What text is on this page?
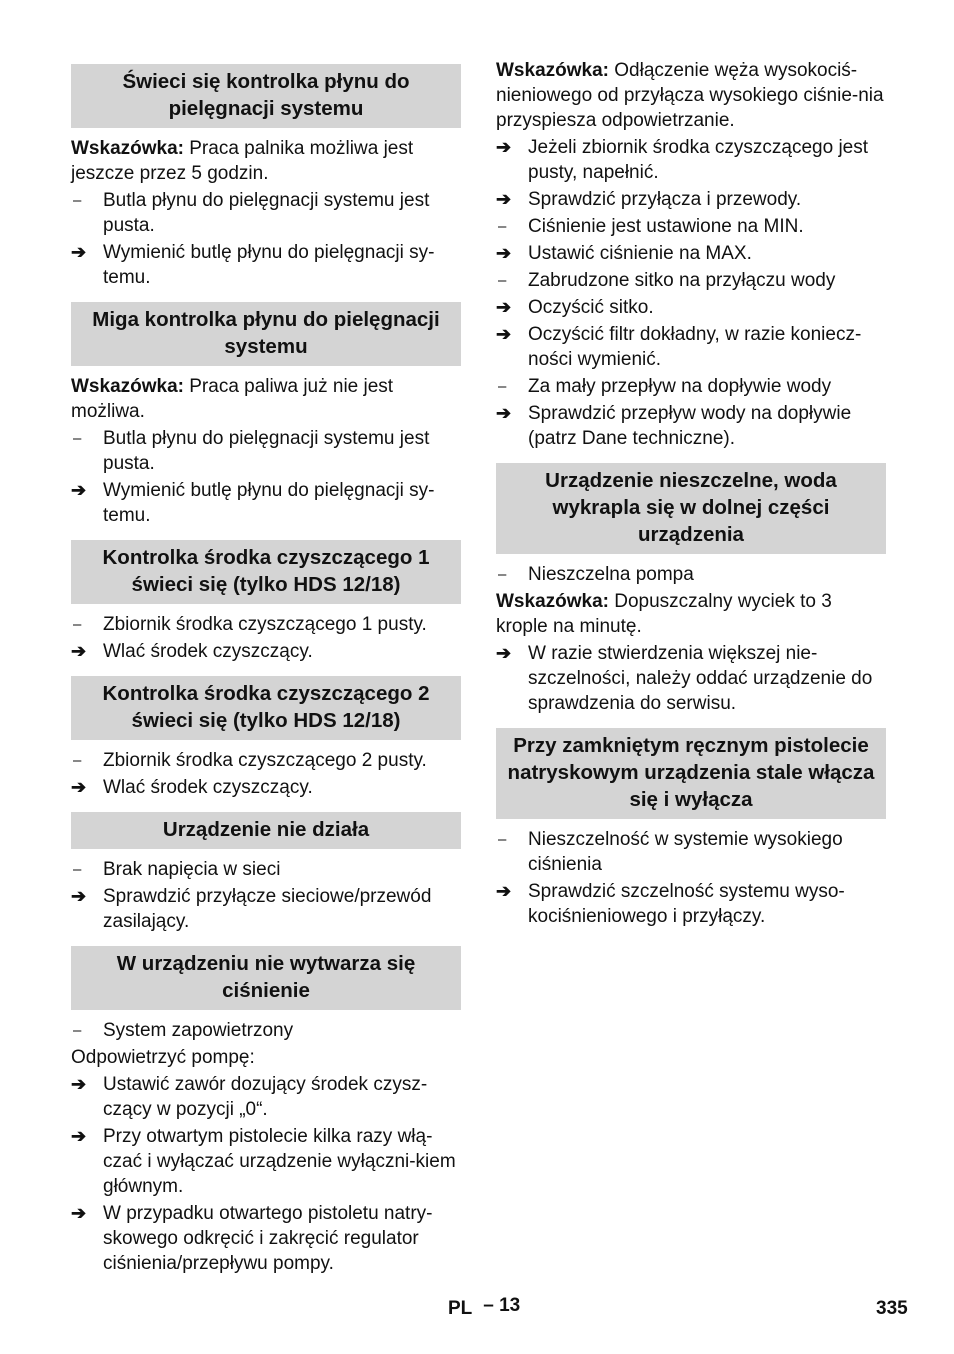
Świeci się kontrolka płynu do pielęgnacji systemu
Wskazówka: Praca palnika możliwa jest jeszcze przez 5 godzin.
–	Butla płynu do pielęgnacji systemu jest pusta.
➔ Wymienić butlę płynu do pielęgnacji sy-temu.
Miga kontrolka płynu do pielęgnacji systemu
Wskazówka: Praca paliwa już nie jest możliwa.
–	Butla płynu do pielęgnacji systemu jest pusta.
➔ Wymienić butlę płynu do pielęgnacji sy-temu.
Kontrolka środka czyszczącego 1 świeci się (tylko HDS 12/18)
–	Zbiornik środka czyszczącego 1 pusty.
➔ Wlać środek czyszczący.
Kontrolka środka czyszczącego 2 świeci się (tylko HDS 12/18)
–	Zbiornik środka czyszczącego 2 pusty.
➔ Wlać środek czyszczący.
Urządzenie nie działa
–	Brak napięcia w sieci
➔ Sprawdzić przyłącze sieciowe/przewód zasilający.
W urządzeniu nie wytwarza się ciśnienie
–	System zapowietrzony
Odpowietrzyć pompę:
➔ Ustawić zawór dozujący środek czysz-czący w pozycji „0“.
➔ Przy otwartym pistolecie kilka razy włą-czać i wyłączać urządzenie wyłączni-kiem głównym.
➔ W przypadku otwartego pistoletu natry-skowego odkręcić i zakręcić regulator ciśnienia/przepływu pompy.
Wskazówka: Odłączenie węża wysokociś-nieniowego od przyłącza wysokiego ciśnie-nia przyspiesza odpowietrzanie.
➔ Jeżeli zbiornik środka czyszczącego jest pusty, napełnić.
➔ Sprawdzić przyłącza i przewody.
–	Ciśnienie jest ustawione na MIN.
➔ Ustawić ciśnienie na MAX.
–	Zabrudzone sitko na przyłączu wody
➔ Oczyścić sitko.
➔ Oczyścić filtr dokładny, w razie koniecz-ności wymienić.
–	Za mały przepływ na dopływie wody
➔ Sprawdzić przepływ wody na dopływie (patrz Dane techniczne).
Urządzenie nieszczelne, woda wykrapla się w dolnej części urządzenia
–	Nieszczelna pompa
Wskazówka: Dopuszczalny wyciek to 3 krople na minutę.
➔ W razie stwierdzenia większej nie-szczelności, należy oddać urządzenie do sprawdzenia do serwisu.
Przy zamkniętym ręcznym pistolecie natryskowym urządzenia stale włącza się i wyłącza
–	Nieszczelność w systemie wysokiego ciśnienia
➔ Sprawdzić szczelność systemu wyso-kociśnieniowego i przyłączy.
PL – 13	335
